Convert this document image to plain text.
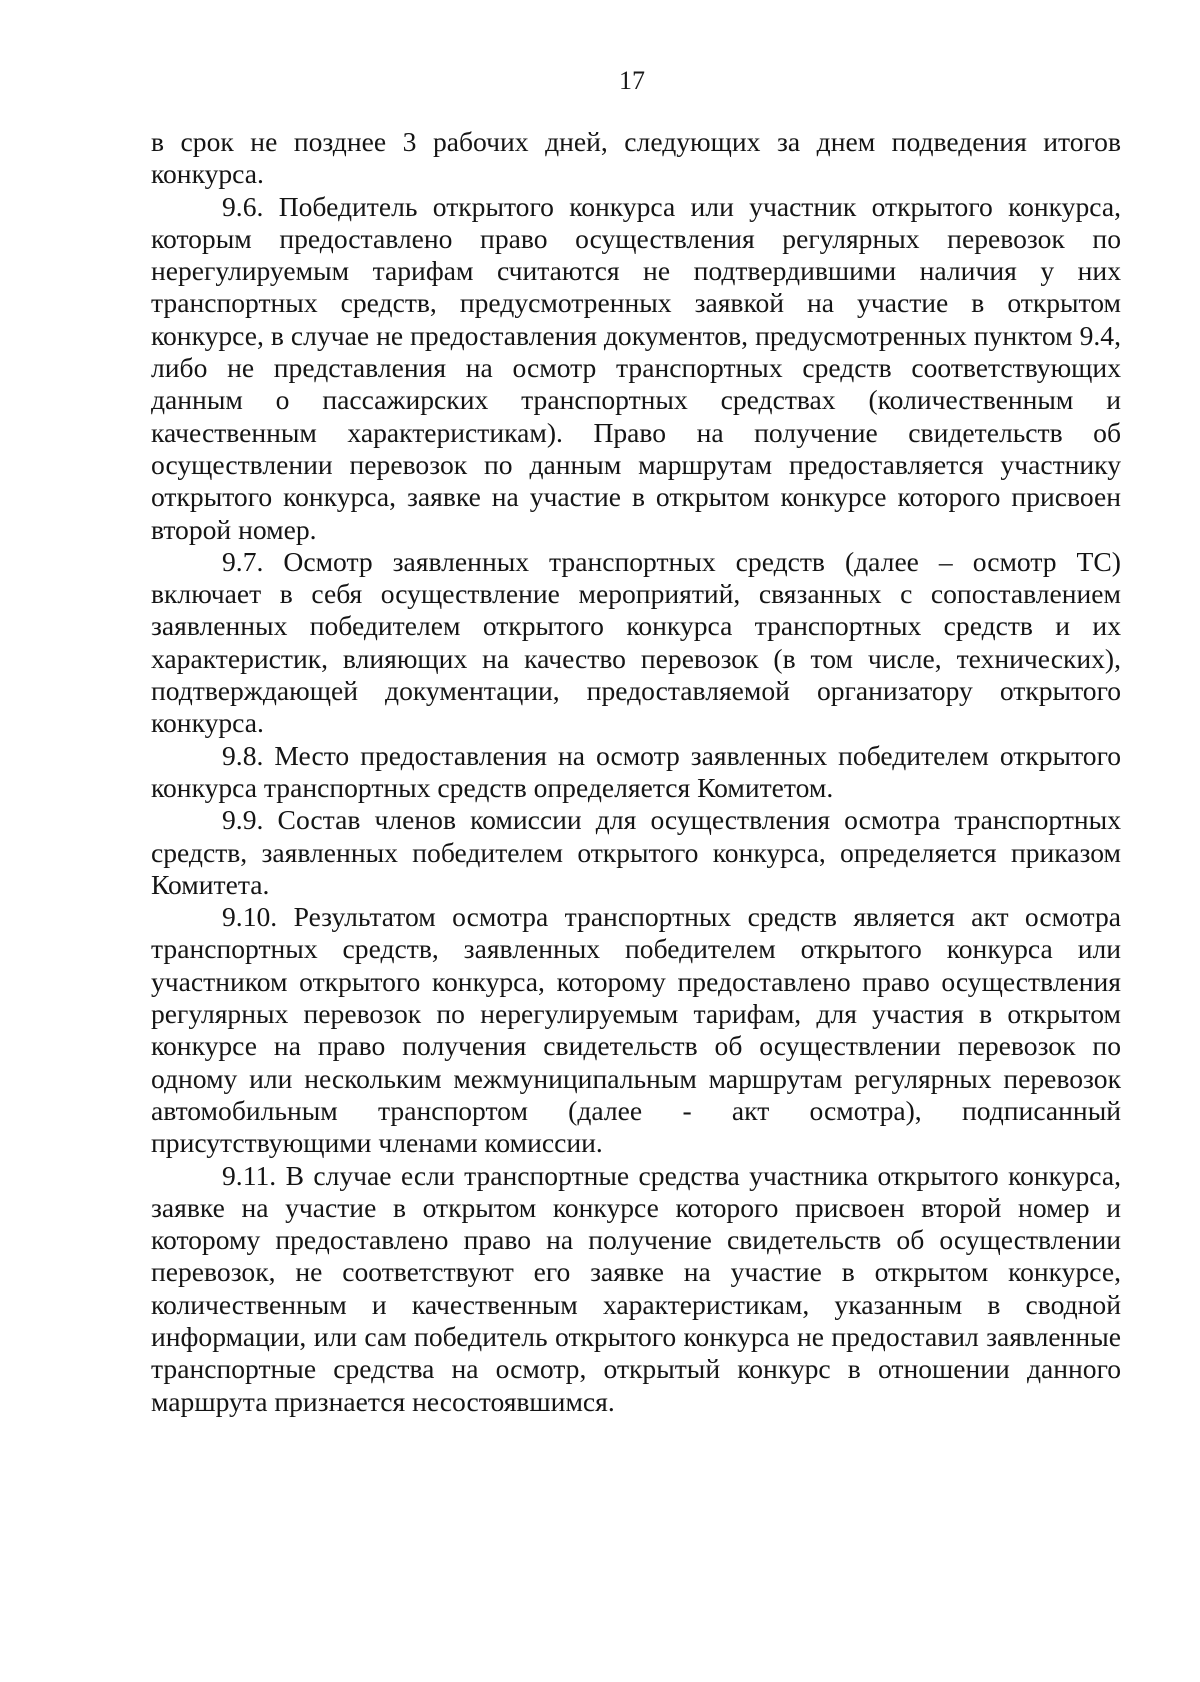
17

в срок не позднее 3 рабочих дней, следующих за днем подведения итогов конкурса.

9.6. Победитель открытого конкурса или участник открытого конкурса, которым предоставлено право осуществления регулярных перевозок по нерегулируемым тарифам считаются не подтвердившими наличия у них транспортных средств, предусмотренных заявкой на участие в открытом конкурсе, в случае не предоставления документов, предусмотренных пунктом 9.4, либо не представления на осмотр транспортных средств соответствующих данным о пассажирских транспортных средствах (количественным и качественным характеристикам). Право на получение свидетельств об осуществлении перевозок по данным маршрутам предоставляется участнику открытого конкурса, заявке на участие в открытом конкурсе которого присвоен второй номер.

9.7. Осмотр заявленных транспортных средств (далее – осмотр ТС) включает в себя осуществление мероприятий, связанных с сопоставлением заявленных победителем открытого конкурса транспортных средств и их характеристик, влияющих на качество перевозок (в том числе, технических), подтверждающей документации, предоставляемой организатору открытого конкурса.

9.8. Место предоставления на осмотр заявленных победителем открытого конкурса транспортных средств определяется Комитетом.

9.9. Состав членов комиссии для осуществления осмотра транспортных средств, заявленных победителем открытого конкурса, определяется приказом Комитета.

9.10. Результатом осмотра транспортных средств является акт осмотра транспортных средств, заявленных победителем открытого конкурса или участником открытого конкурса, которому предоставлено право осуществления регулярных перевозок по нерегулируемым тарифам, для участия в открытом конкурсе на право получения свидетельств об осуществлении перевозок по одному или нескольким межмуниципальным маршрутам регулярных перевозок автомобильным транспортом (далее - акт осмотра), подписанный присутствующими членами комиссии.

9.11. В случае если транспортные средства участника открытого конкурса, заявке на участие в открытом конкурсе которого присвоен второй номер и которому предоставлено право на получение свидетельств об осуществлении перевозок, не соответствуют его заявке на участие в открытом конкурсе, количественным и качественным характеристикам, указанным в сводной информации, или сам победитель открытого конкурса не предоставил заявленные транспортные средства на осмотр, открытый конкурс в отношении данного маршрута признается несостоявшимся.
